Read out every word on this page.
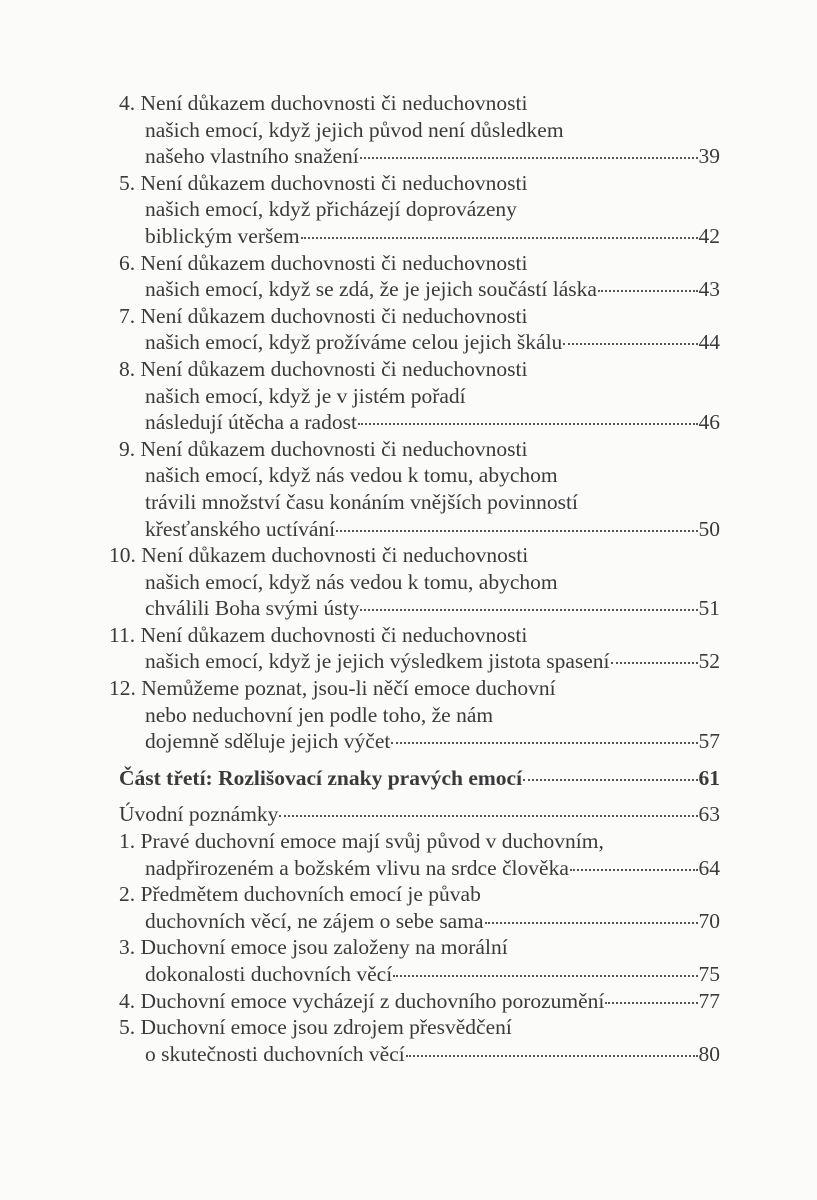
4. Není důkazem duchovnosti či neduchovnosti
našich emocí, když jejich původ není důsledkem
našeho vlastního snažení	39
5. Není důkazem duchovnosti či neduchovnosti
našich emocí, když přicházejí doprovázeny
biblickým veršem	42
6. Není důkazem duchovnosti či neduchovnosti
našich emocí, když se zdá, že je jejich součástí láska	43
7. Není důkazem duchovnosti či neduchovnosti
našich emocí, když prožíváme celou jejich škálu	44
8. Není důkazem duchovnosti či neduchovnosti
našich emocí, když je v jistém pořadí
následují útěcha a radost	46
9. Není důkazem duchovnosti či neduchovnosti
našich emocí, když nás vedou k tomu, abychom
trávili množství času konáním vnějších povinností
křesťanského uctívání	50
10. Není důkazem duchovnosti či neduchovnosti
našich emocí, když nás vedou k tomu, abychom
chválili Boha svými ústy	51
11. Není důkazem duchovnosti či neduchovnosti
našich emocí, když je jejich výsledkem jistota spasení	52
12. Nemůžeme poznat, jsou-li něčí emoce duchovní
nebo neduchovní jen podle toho, že nám
dojemně sděluje jejich výčet	57
Část třetí: Rozlišovací znaky pravých emocí	61
Úvodní poznámky	63
1. Pravé duchovní emoce mají svůj původ v duchovním,
nadpřirozeném a božském vlivu na srdce člověka	64
2. Předmětem duchovních emocí je půvab
duchovních věcí, ne zájem o sebe sama	70
3. Duchovní emoce jsou založeny na morální
dokonalosti duchovních věcí	75
4. Duchovní emoce vycházejí z duchovního porozumění	77
5. Duchovní emoce jsou zdrojem přesvědčení
o skutečnosti duchovních věcí	80
